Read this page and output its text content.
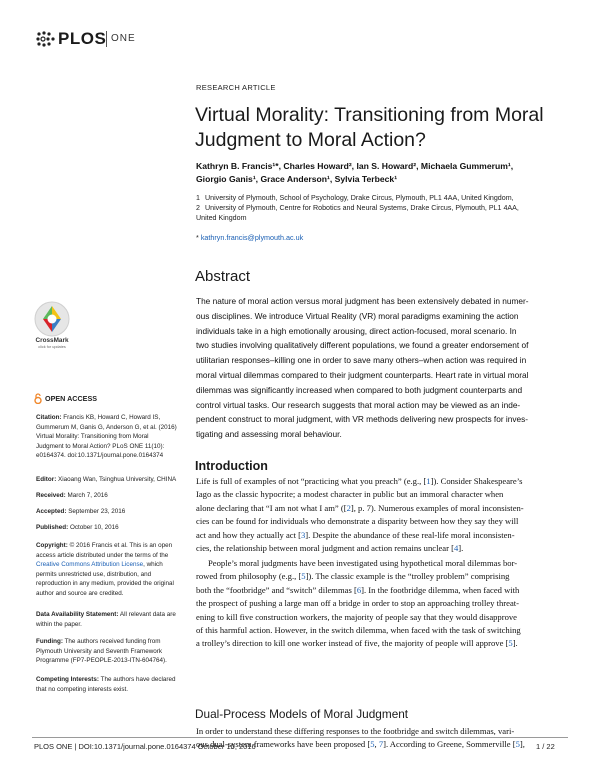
PLOS ONE
RESEARCH ARTICLE
Virtual Morality: Transitioning from Moral
Judgment to Moral Action?
Kathryn B. Francis¹*, Charles Howard², Ian S. Howard², Michaela Gummerum¹,
Giorgio Ganis¹, Grace Anderson¹, Sylvia Terbeck¹
1 University of Plymouth, School of Psychology, Drake Circus, Plymouth, PL1 4AA, United Kingdom,
2 University of Plymouth, Centre for Robotics and Neural Systems, Drake Circus, Plymouth, PL1 4AA,
United Kingdom
* kathryn.francis@plymouth.ac.uk
Abstract
The nature of moral action versus moral judgment has been extensively debated in numer-
ous disciplines. We introduce Virtual Reality (VR) moral paradigms examining the action
individuals take in a high emotionally arousing, direct action-focused, moral scenario. In
two studies involving qualitatively different populations, we found a greater endorsement of
utilitarian responses–killing one in order to save many others–when action was required in
moral virtual dilemmas compared to their judgment counterparts. Heart rate in virtual moral
dilemmas was significantly increased when compared to both judgment counterparts and
control virtual tasks. Our research suggests that moral action may be viewed as an inde-
pendent construct to moral judgment, with VR methods delivering new prospects for inves-
tigating and assessing moral behaviour.
Introduction
Life is full of examples of not “practicing what you preach” (e.g., [1]). Consider Shakespeare’s
Iago as the classic hypocrite; a modest character in public but an immoral character when
alone declaring that “I am not what I am” ([2], p. 7). Numerous examples of moral inconsisten-
cies can be found for individuals who demonstrate a disparity between how they say they will
act and how they actually act [3]. Despite the abundance of these real-life moral inconsisten-
cies, the relationship between moral judgment and action remains unclear [4].
People’s moral judgments have been investigated using hypothetical moral dilemmas bor-
rowed from philosophy (e.g., [5]). The classic example is the “trolley problem” comprising
both the “footbridge” and “switch” dilemmas [6]. In the footbridge dilemma, when faced with
the prospect of pushing a large man off a bridge in order to stop an approaching trolley threat-
ening to kill five construction workers, the majority of people say that they would disapprove
of this harmful action. However, in the switch dilemma, when faced with the task of switching
a trolley’s direction to kill one worker instead of five, the majority of people will approve [5].
Dual-Process Models of Moral Judgment
In order to understand these differing responses to the footbridge and switch dilemmas, vari-
ous dual-system frameworks have been proposed [5, 7]. According to Greene, Sommerville [5],
CrossMark
click for updates
OPEN ACCESS
Citation: Francis KB, Howard C, Howard IS,
Gummerum M, Ganis G, Anderson G, et al. (2016)
Virtual Morality: Transitioning from Moral
Judgment to Moral Action? PLoS ONE 11(10):
e0164374. doi:10.1371/journal.pone.0164374
Editor: Xiaoang Wan, Tsinghua University, CHINA
Received: March 7, 2016
Accepted: September 23, 2016
Published: October 10, 2016
Copyright: © 2016 Francis et al. This is an open
access article distributed under the terms of the
Creative Commons Attribution License, which
permits unrestricted use, distribution, and
reproduction in any medium, provided the original
author and source are credited.
Data Availability Statement: All relevant data are
within the paper.
Funding: The authors received funding from
Plymouth University and Seventh Framework
Programme (FP7-PEOPLE-2013-ITN-604764).
Competing Interests: The authors have declared
that no competing interests exist.
PLOS ONE | DOI:10.1371/journal.pone.0164374 October 10, 2016	1 / 22
